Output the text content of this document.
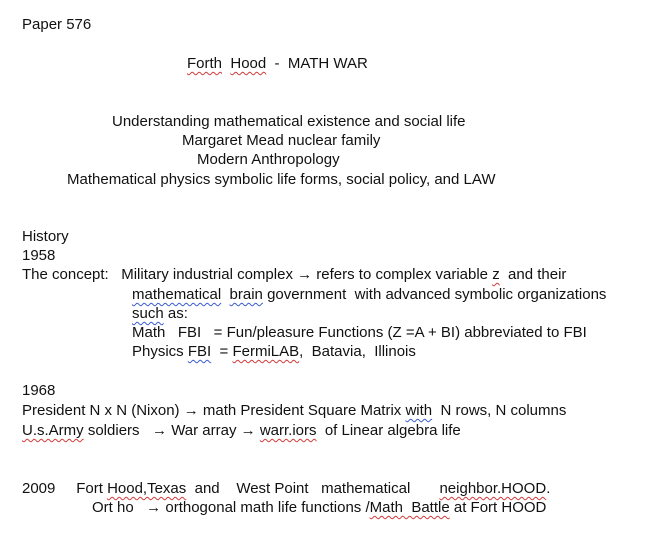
Paper 576
Forth Hood  -  MATH WAR
Understanding mathematical existence and social life
Margaret Mead nuclear family
Modern Anthropology
Mathematical physics symbolic life forms, social policy, and LAW
History
1958
The concept:   Military industrial complex → refers to complex variable z  and their
mathematical brain government  with advanced symbolic organizations
such as:
Math   FBI   = Fun/pleasure Functions (Z =A + BI) abbreviated to FBI
Physics FBI  = FermiLAB,  Batavia,  Illinois
1968
President N x N (Nixon) → math President Square Matrix with  N rows, N columns
U.s.Army soldiers   → War array → warr.iors  of Linear algebra life
2009     Fort Hood,Texas  and    West Point   mathematical       neighbor.HOOD.
Ort ho   → orthogonal math life functions /Math  Battle at Fort HOOD
